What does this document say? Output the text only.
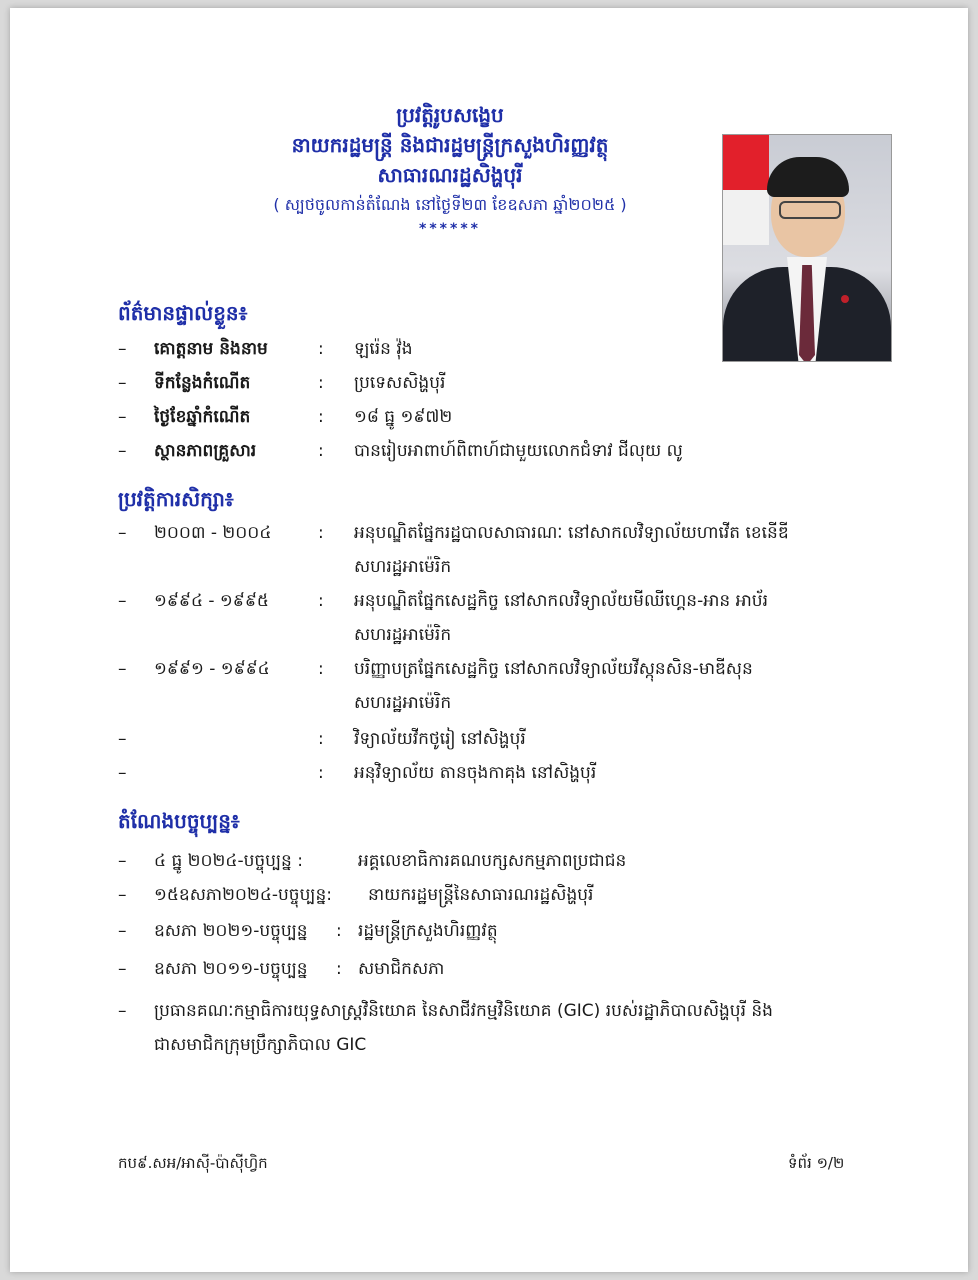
ប្រវត្តិរូបសង្ខេប
នាយករដ្ឋមន្ត្រី និងជារដ្ឋមន្ត្រីក្រសួងហិរញ្ញវត្ថុ
សាធារណរដ្ឋសិង្ហបុរី
( ស្បថចូលកាន់តំណែង នៅថ្ងៃទី២៣ ខែឧសភា ឆ្នាំ២០២៥ )
******
ព័ត៌មានផ្ទាល់ខ្លួន៖
–	គោត្តនាម និងនាម	: ឡរ៉េន វ៉ុង
–	ទីកន្លែងកំណើត	: ប្រទេសសិង្ហបុរី
–	ថ្ងៃខែឆ្នាំកំណើត	: ១៨ ធ្នូ ១៩៧២
–	ស្ថានភាពគ្រួសារ	: បានរៀបអាពាហ៍ពិពាហ៍ជាមួយលោកជំទាវ ជីលុយ លូ
ប្រវត្តិការសិក្សា៖
–	២០០៣ - ២០០៤	: អនុបណ្ឌិតផ្នែករដ្ឋបាលសាធារណៈ នៅសាកលវិទ្យាល័យហាវើត ខេនើឌី
សហរដ្ឋអាម៉េរិក
–	១៩៩៤ - ១៩៩៥	: អនុបណ្ឌិតផ្នែកសេដ្ឋកិច្ច នៅសាកលវិទ្យាល័យមីឈីហ្គេន-អាន អាប័រ
សហរដ្ឋអាម៉េរិក
–	១៩៩១ - ១៩៩៤	: បរិញ្ញាបត្រផ្នែកសេដ្ឋកិច្ច នៅសាកលវិទ្យាល័យវីស្កុនសិន-មាឌីសុន
សហរដ្ឋអាម៉េរិក
–	: វិទ្យាល័យវីកថូរៀ នៅសិង្ហបុរី
–	: អនុវិទ្យាល័យ តានចុងកាគុង នៅសិង្ហបុរី
តំណែងបច្ចុប្បន្ន៖
–	៤ ធ្នូ ២០២៤-បច្ចុប្បន្ន :	អគ្គលេខាធិការគណបក្សសកម្មភាពប្រជាជន
–	១៥ឧសភា២០២៤-បច្ចុប្បន្ន: នាយករដ្ឋមន្ត្រីនៃសាធារណរដ្ឋសិង្ហបុរី
–	ឧសភា ២០២១-បច្ចុប្បន្ន : រដ្ឋមន្ត្រីក្រសួងហិរញ្ញវត្ថុ
–	ឧសភា ២០១១-បច្ចុប្បន្ន : សមាជិកសភា
–	ប្រធានគណៈកម្មាធិការយុទ្ធសាស្ត្រវិនិយោគ នៃសាជីវកម្មវិនិយោគ (GIC) របស់រដ្ឋាភិបាលសិង្ហបុរី និង
ជាសមាជិកក្រុមប្រឹក្សាភិបាល GIC
កប៩.សអ/អាស៊ី-ប៉ាស៊ីហ្វិក	ទំព័រ ១/២
